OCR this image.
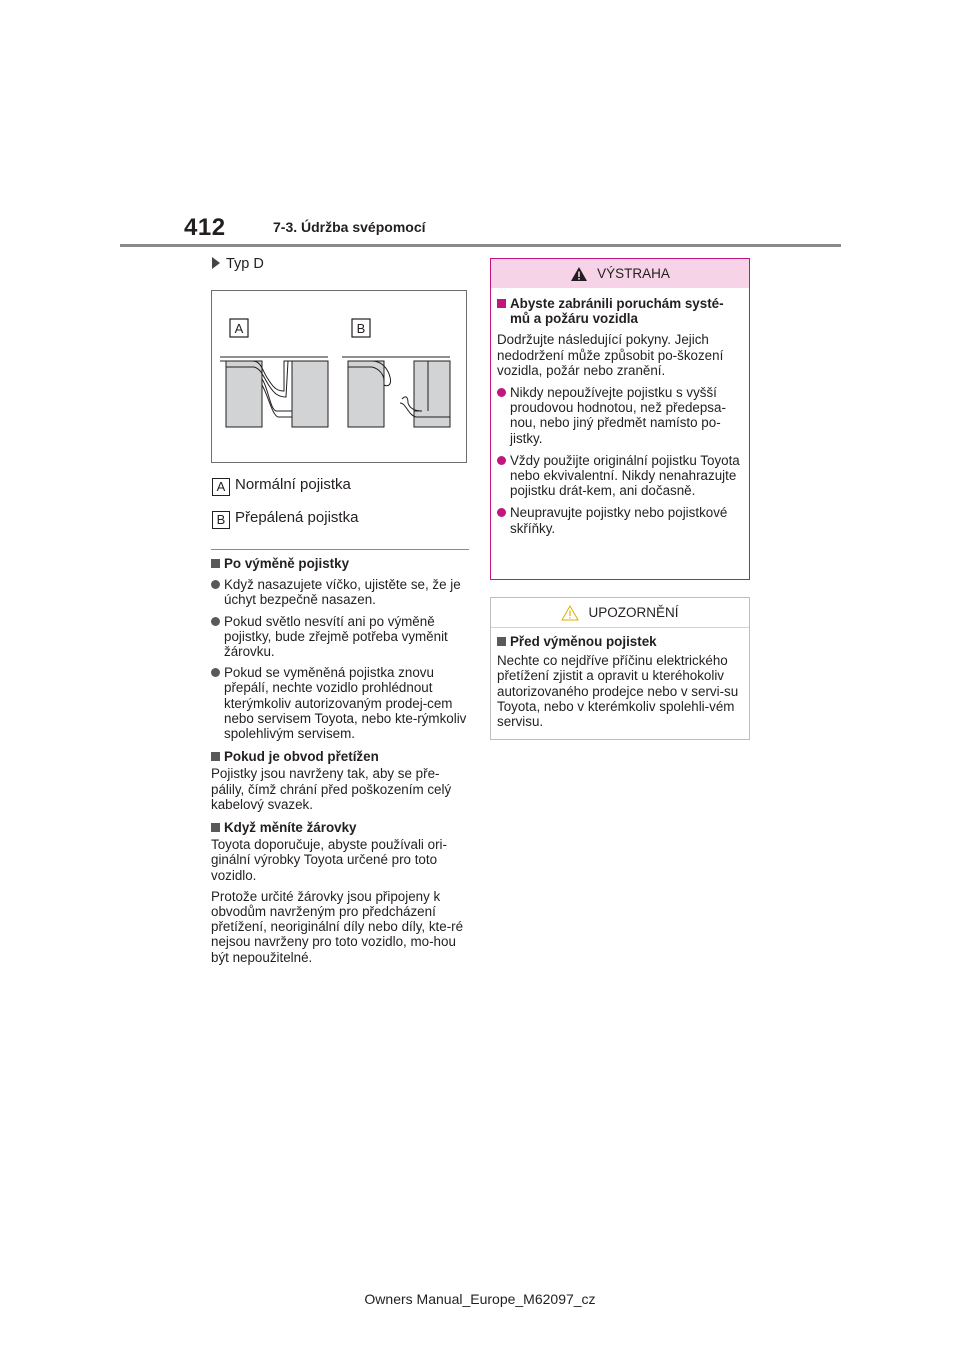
412	7-3. Údržba svépomocí
Typ D
A	B
A Normální pojistka
B Přepálená pojistka

Po výměně pojistky

Když nasazujete víčko, ujistěte se, že je úchyt bezpečně nasazen.
Pokud světlo nesvítí ani po výměně pojistky, bude zřejmě potřeba vyměnit žárovku.
Pokud se vyměněná pojistka znovu přepálí, nechte vozidlo prohlédnout kterýmkoliv autorizovaným prodej-cem nebo servisem Toyota, nebo kte-rýmkoliv spolehlivým servisem.

Pokud je obvod přetížen

Pojistky jsou navrženy tak, aby se pře-pálily, čímž chrání před poškozením celý kabelový svazek.

Když měníte žárovky

Toyota doporučuje, abyste používali ori-ginální výrobky Toyota určené pro toto vozidlo.

Protože určité žárovky jsou připojeny k obvodům navrženým pro předcházení přetížení, neoriginální díly nebo díly, kte-ré nejsou navrženy pro toto vozidlo, mo-hou být nepoužitelné.

VÝSTRAHA

Abyste zabránili poruchám systé-mů a požáru vozidla

Dodržujte následující pokyny. Jejich nedodržení může způsobit po-škození vozidla, požár nebo zranění.

Nikdy nepoužívejte pojistku s vyšší proudovou hodnotou, než předepsa-nou, nebo jiný předmět namísto po-jistky.
Vždy použijte originální pojistku Toyota nebo ekvivalentní. Nikdy nenahrazujte pojistku drát-kem, ani dočasně.
Neupravujte pojistky nebo pojistkové skříňky.
UPOZORNĚNÍ

Před výměnou pojistek

Nechte co nejdříve příčinu elektrického přetížení zjistit a opravit u kteréhokoliv autorizovaného prodejce nebo v servi-su Toyota, nebo v kterémkoliv spolehli-vém servisu.

Owners Manual_Europe_M62097_cz
